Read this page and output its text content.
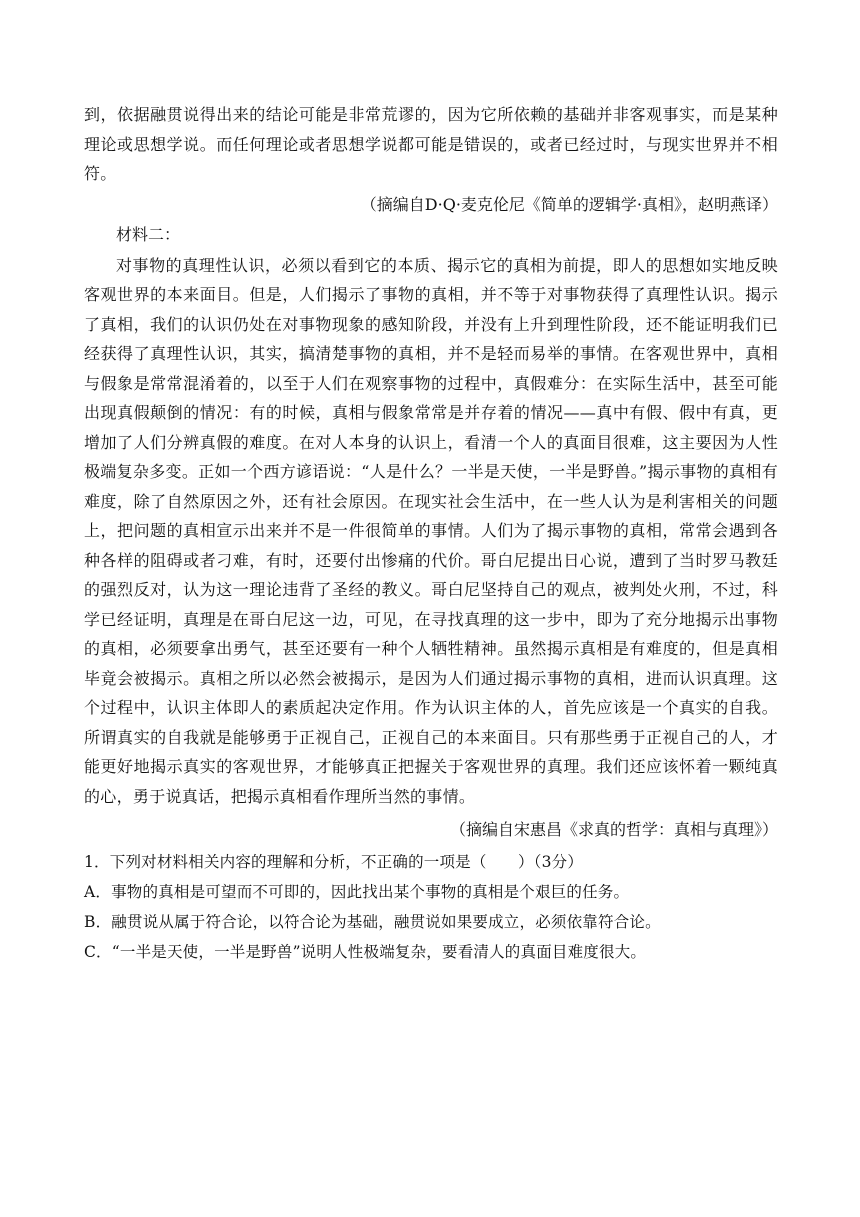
到，依据融贯说得出来的结论可能是非常荒谬的，因为它所依赖的基础并非客观事实，而是某种理论或思想学说。而任何理论或者思想学说都可能是错误的，或者已经过时，与现实世界并不相符。

（摘编自D·Q·麦克伦尼《简单的逻辑学·真相》，赵明燕译）

材料二：

对事物的真理性认识，必须以看到它的本质、揭示它的真相为前提，即人的思想如实地反映客观世界的本来面目。但是，人们揭示了事物的真相，并不等于对事物获得了真理性认识。揭示了真相，我们的认识仍处在对事物现象的感知阶段，并没有上升到理性阶段，还不能证明我们已经获得了真理性认识，其实，搞清楚事物的真相，并不是轻而易举的事情。在客观世界中，真相与假象是常常混淆着的，以至于人们在观察事物的过程中，真假难分：在实际生活中，甚至可能出现真假颠倒的情况：有的时候，真相与假象常常是并存着的情况——真中有假、假中有真，更增加了人们分辨真假的难度。在对人本身的认识上，看清一个人的真面目很难，这主要因为人性极端复杂多变。正如一个西方谚语说：“人是什么？一半是天使，一半是野兽。”揭示事物的真相有难度，除了自然原因之外，还有社会原因。在现实社会生活中，在一些人认为是利害相关的问题上，把问题的真相宣示出来并不是一件很简单的事情。人们为了揭示事物的真相，常常会遇到各种各样的阻碍或者刁难，有时，还要付出惨痛的代价。哥白尼提出日心说，遭到了当时罗马教廷的强烈反对，认为这一理论违背了圣经的教义。哥白尼坚持自己的观点，被判处火刑，不过，科学已经证明，真理是在哥白尼这一边，可见，在寻找真理的这一步中，即为了充分地揭示出事物的真相，必须要拿出勇气，甚至还要有一种个人牺牲精神。虽然揭示真相是有难度的，但是真相毕竟会被揭示。真相之所以必然会被揭示，是因为人们通过揭示事物的真相，进而认识真理。这个过程中，认识主体即人的素质起决定作用。作为认识主体的人，首先应该是一个真实的自我。所谓真实的自我就是能够勇于正视自己，正视自己的本来面目。只有那些勇于正视自己的人，才能更好地揭示真实的客观世界，才能够真正把握关于客观世界的真理。我们还应该怀着一颗纯真的心，勇于说真话，把揭示真相看作理所当然的事情。

（摘编自宋惠昌《求真的哲学：真相与真理》）

1．下列对材料相关内容的理解和分析，不正确的一项是（　　）（3分）

A．事物的真相是可望而不可即的，因此找出某个事物的真相是个艰巨的任务。

B．融贯说从属于符合论，以符合论为基础，融贯说如果要成立，必须依靠符合论。

C．“一半是天使，一半是野兽”说明人性极端复杂，要看清人的真面目难度很大。
